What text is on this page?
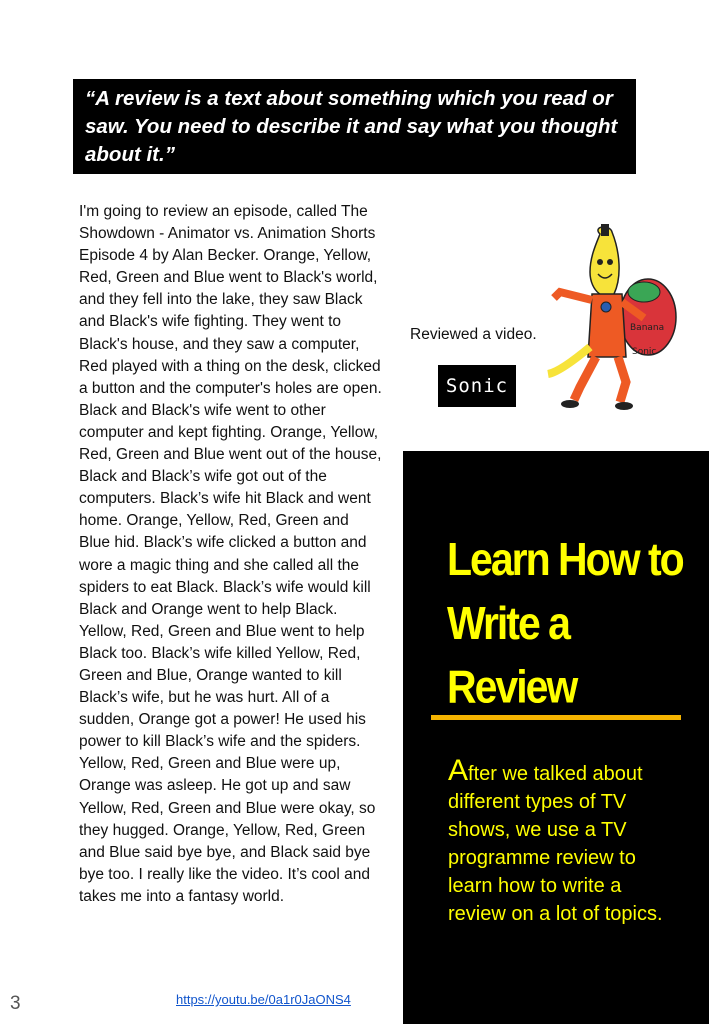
“A review is a text about something which you read or saw. You need to describe it and say what you thought about it.”

I'm going to review an episode, called The Showdown - Animator vs. Animation Shorts Episode 4 by Alan Becker. Orange, Yellow, Red, Green and Blue went to Black's world, and they fell into the lake, they saw Black and Black's wife fighting. They went to Black's house, and they saw a computer, Red played with a thing on the desk, clicked a button and the computer's holes are open. Black and Black's wife went to other computer and kept fighting. Orange, Yellow, Red, Green and Blue went out of the house, Black and Black’s wife got out of the computers. Black’s wife hit Black and went home. Orange, Yellow, Red, Green and Blue hid. Black’s wife clicked a button and wore a magic thing and she called all the spiders to eat Black. Black’s wife would kill Black and Orange went to help Black. Yellow, Red, Green and Blue went to help Black too. Black’s wife killed Yellow, Red, Green and Blue, Orange wanted to kill Black’s wife, but he was hurt. All of a sudden, Orange got a power! He used his power to kill Black’s wife and the spiders. Yellow, Red, Green and Blue were up, Orange was asleep. He got up and saw Yellow, Red, Green and Blue were okay, so they hugged. Orange, Yellow, Red, Green and Blue said bye bye, and Black said bye bye too. I really like the video. It’s cool and takes me into a fantasy world.

Reviewed a video.
Sonic
Banana
Sonic
Learn How to Write a Review
After we talked about different types of TV shows, we use a TV programme review to learn how to write a review on a lot of topics.
3	https://youtu.be/0a1r0JaONS4
